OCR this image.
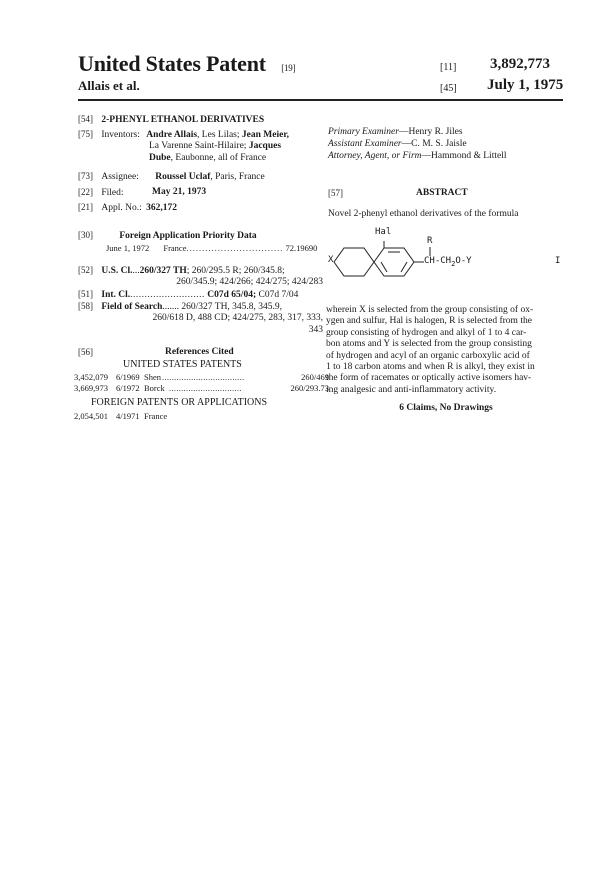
United States Patent [19]
Allais et al.
[11] 3,892,773
[45] July 1, 1975
[54] 2-PHENYL ETHANOL DERIVATIVES
[75] Inventors: Andre Allais, Les Lilas; Jean Meier,
La Varenne Saint-Hilaire; Jacques
Dube, Eaubonne, all of France
[73] Assignee: Roussel Uclaf, Paris, France
[22] Filed:	May 21, 1973
[21] Appl. No.: 362,172
[30]	Foreign Application Priority Data
June 1, 1972 France............................... 72.19690
[52] U.S. Cl....260/327 TH; 260/295.5 R; 260/345.8;
260/345.9; 424/266; 424/275; 424/283
[51] Int. Cl........................... C07d 65/04; C07d 7/04
[58] Field of Search....... 260/327 TH, 345.8, 345.9,
260/618 D, 488 CD; 424/275, 283, 317, 333,
343
[56]	References Cited
UNITED STATES PATENTS
3,452,079 6/1969 Shen ..................................	260/469
3,669,973 6/1972 Borck ..............................	260/293.73
FOREIGN PATENTS OR APPLICATIONS
2,054,501 4/1971 France
Primary Examiner—Henry R. Jiles
Assistant Examiner—C. M. S. Jaisle
Attorney, Agent, or Firm—Hammond & Littell
[57]	ABSTRACT
Novel 2-phenyl ethanol derivatives of the formula
Hal
R
X	$CH-CH_2O-Y$	I
wherein X is selected from the group consisting of ox-
ygen and sulfur, Hal is halogen, R is selected from the
group consisting of hydrogen and alkyl of 1 to 4 car-
bon atoms and Y is selected from the group consisting
of hydrogen and acyl of an organic carboxylic acid of
1 to 18 carbon atoms and when R is alkyl, they exist in
the form of racemates or optically active isomers hav-
ing analgesic and anti-inflammatory activity.
6 Claims, No Drawings
